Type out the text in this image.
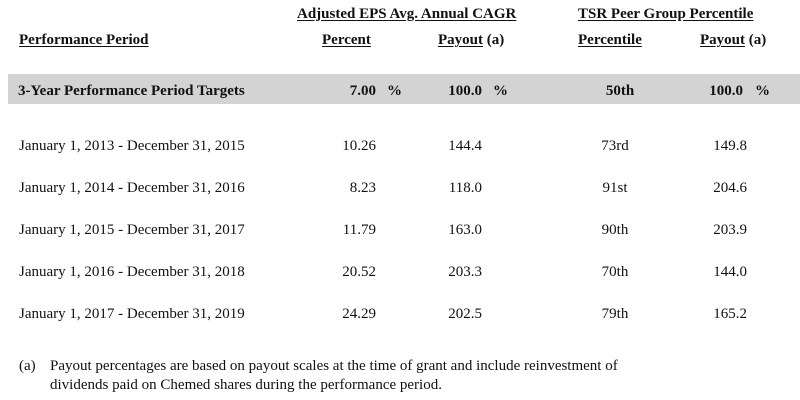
Adjusted EPS Avg. Annual CAGR	TSR Peer Group Percentile
Performance Period	Percent	Payout (a)	Percentile	Payout (a)
3-Year Performance Period Targets	7.00 %	100.0 %	50th	100.0 %
January 1, 2013 - December 31, 2015	10.26	144.4	73rd	149.8
January 1, 2014 - December 31, 2016	8.23	118.0	91st	204.6
January 1, 2015 - December 31, 2017	11.79	163.0	90th	203.9
January 1, 2016 - December 31, 2018	20.52	203.3	70th	144.0
January 1, 2017 - December 31, 2019	24.29	202.5	79th	165.2
(a) Payout percentages are based on payout scales at the time of grant and include reinvestment of
dividends paid on Chemed shares during the performance period.
